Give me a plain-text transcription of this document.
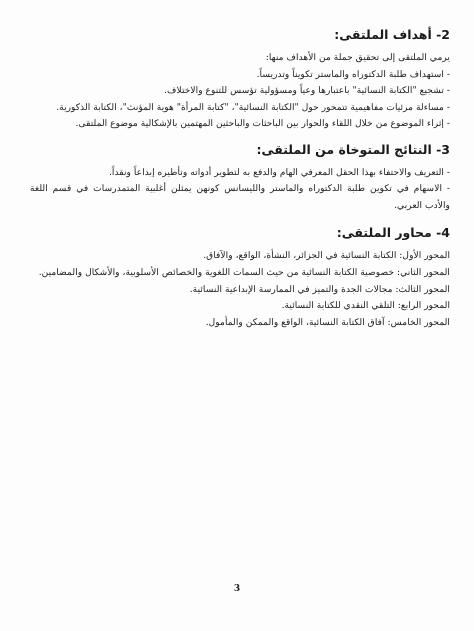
2- أهداف الملتقى:

يرمي الملتقى إلى تحقيق جملة من الأهداف منها:

- استهداف طلبة الدكتوراه والماستر تكويناً وتدريساً.

- تشجيع "الكتابة النسائية" باعتبارها وعياً ومسؤولية تؤسس للتنوع والاختلاف.

- مساءلة مرئيات مفاهيمية تتمحور حول "الكتابة النسائية"، "كتابة المرأة" هوية المؤنث"، الكتابة الذكورية.

- إثراء الموضوع من خلال اللقاء والحوار بين الباحثات والباحثين المهتمين بالإشكالية موضوع الملتقى.

3- النتائج المتوخاة من الملتقى:

- التعريف والاحتفاء بهذا الحقل المعرفي الهام والدفع به لتطوير أدواته وتأطيره إبداعاً ونقداً.

- الاسهام في تكوين طلبة الدكتوراه والماستر والليسانس كونهن يمثلن أغلبية المتمدرسات في قسم اللغة والأدب العربي.

4- محاور الملتقى:

المحور الأول: الكتابة النسائية في الجزائر، النشأة، الواقع، والآفاق.

المحور الثاني: خصوصية الكتابة النسائية من حيث السمات اللغوية والخصائص الأسلوبية، والأشكال والمضامين.

المحور الثالث: مجالات الجدة والتميز في الممارسة الإبداعية النسائية.

المحور الرابع: التلقي النقدي للكتابة النسائية.

المحور الخامس: آفاق الكتابة النسائية، الواقع والممكن والمأمول.

3
